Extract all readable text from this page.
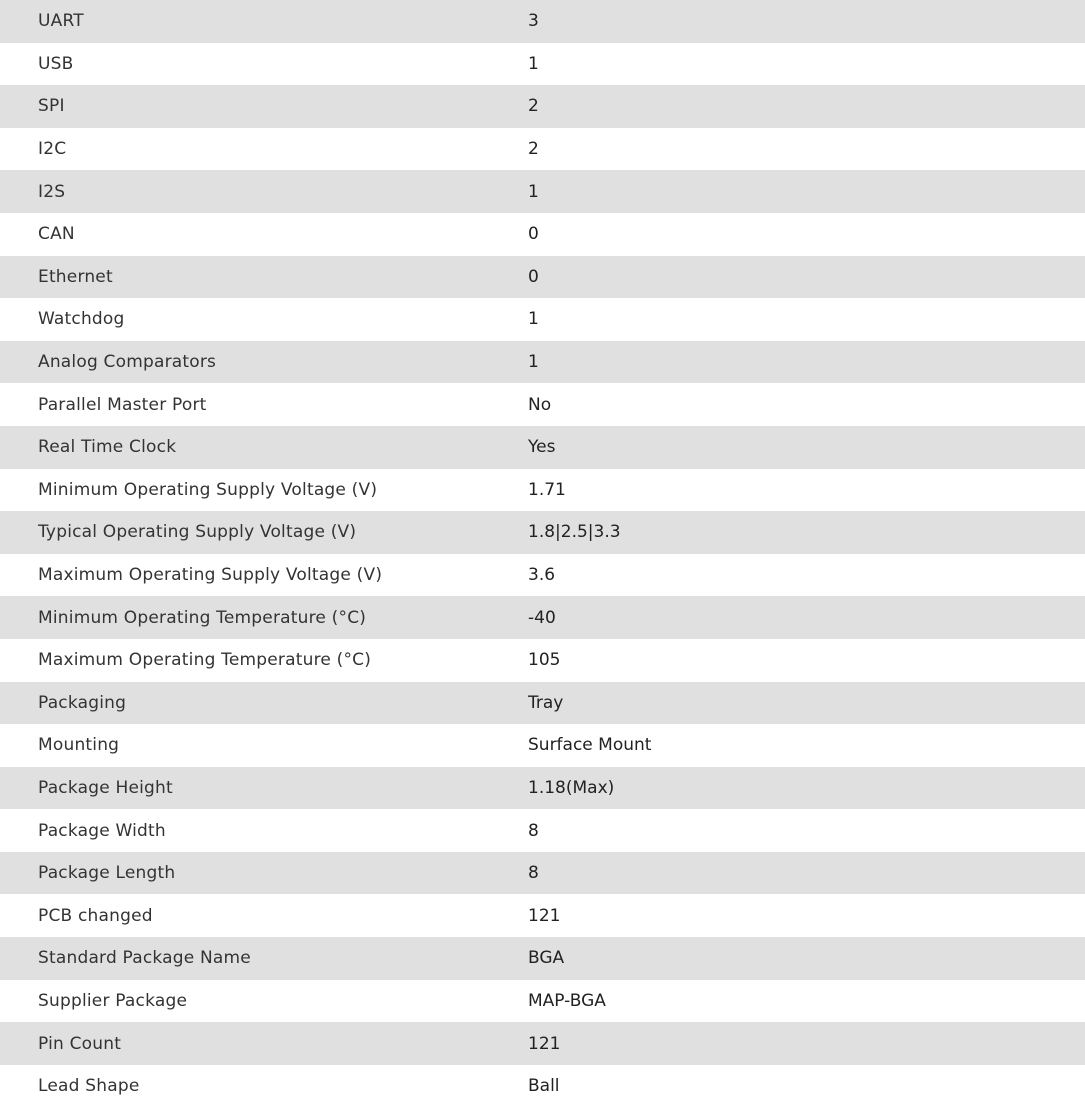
UART	3
USB	1
SPI	2
I2C	2
I2S	1
CAN	0
Ethernet	0
Watchdog	1
Analog Comparators	1
Parallel Master Port	No
Real Time Clock	Yes
Minimum Operating Supply Voltage (V)	1.71
Typical Operating Supply Voltage (V)	1.8|2.5|3.3
Maximum Operating Supply Voltage (V)	3.6
Minimum Operating Temperature (°C)	-40
Maximum Operating Temperature (°C)	105
Packaging	Tray
Mounting	Surface Mount
Package Height	1.18(Max)
Package Width	8
Package Length	8
PCB changed	121
Standard Package Name	BGA
Supplier Package	MAP-BGA
Pin Count	121
Lead Shape	Ball
